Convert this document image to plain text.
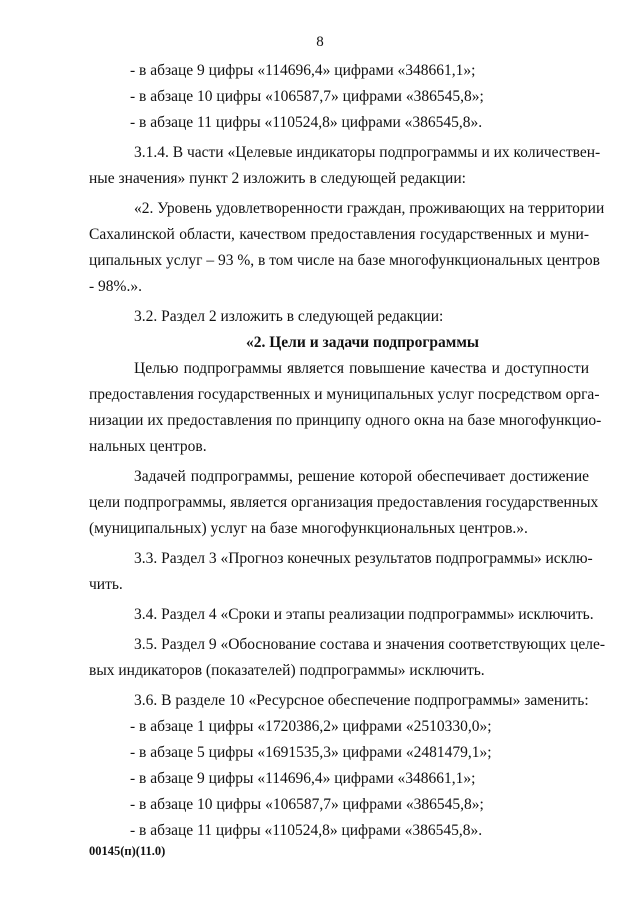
8
- в абзаце 9 цифры «114696,4» цифрами «348661,1»;
- в абзаце 10 цифры «106587,7» цифрами «386545,8»;
- в абзаце 11 цифры «110524,8» цифрами «386545,8».
3.1.4. В части «Целевые индикаторы подпрограммы и их количествен-
ные значения» пункт 2 изложить в следующей редакции:
«2. Уровень удовлетворенности граждан, проживающих на территории
Сахалинской области, качеством предоставления государственных и муни-
ципальных услуг – 93 %, в том числе на базе многофункциональных центров
- 98%.».
3.2. Раздел 2 изложить в следующей редакции:
«2. Цели и задачи подпрограммы
Целью подпрограммы является повышение качества и доступности
предоставления государственных и муниципальных услуг посредством орга-
низации их предоставления по принципу одного окна на базе многофункцио-
нальных центров.
Задачей подпрограммы, решение которой обеспечивает достижение
цели подпрограммы, является организация предоставления государственных
(муниципальных) услуг на базе многофункциональных центров.».
3.3. Раздел 3 «Прогноз конечных результатов подпрограммы» исклю-
чить.
3.4. Раздел 4 «Сроки и этапы реализации подпрограммы» исключить.
3.5. Раздел 9 «Обоснование состава и значения соответствующих целе-
вых индикаторов (показателей) подпрограммы» исключить.
3.6. В разделе 10 «Ресурсное обеспечение подпрограммы» заменить:
- в абзаце 1 цифры «1720386,2» цифрами «2510330,0»;
- в абзаце 5 цифры «1691535,3» цифрами «2481479,1»;
- в абзаце 9 цифры «114696,4» цифрами «348661,1»;
- в абзаце 10 цифры «106587,7» цифрами «386545,8»;
- в абзаце 11 цифры «110524,8» цифрами «386545,8».
00145(п)(11.0)
